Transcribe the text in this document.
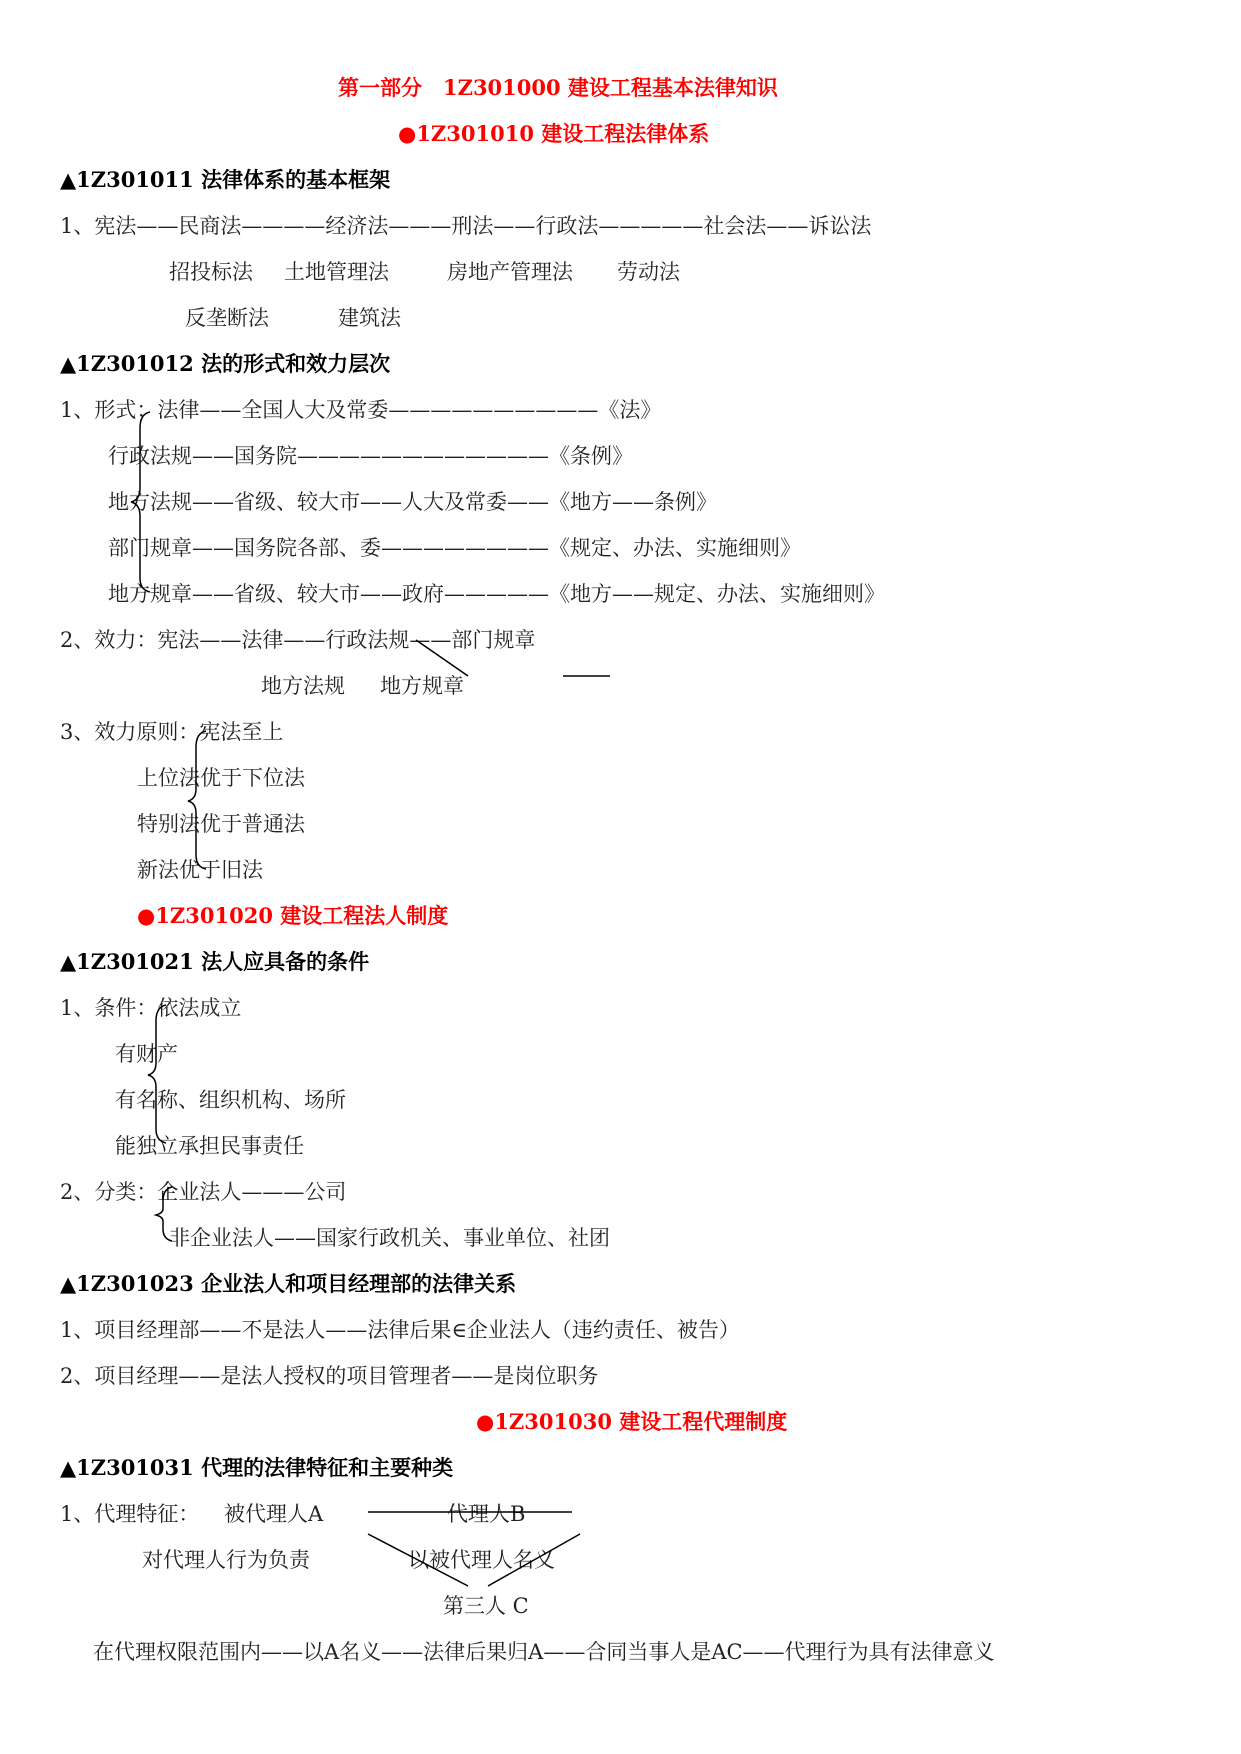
第一部分　1Z301000 建设工程基本法律知识
●1Z301010 建设工程法律体系
▲1Z301011 法律体系的基本框架
1、宪法——民商法————经济法———刑法——行政法—————社会法——诉讼法
招投标法 土地管理法	房地产管理法 劳动法
反垄断法	建筑法
▲1Z301012 法的形式和效力层次
1、形式：法律——全国人大及常委——————————《法》
行政法规——国务院————————————《条例》
地方法规——省级、较大市——人大及常委——《地方——条例》
部门规章——国务院各部、委————————《规定、办法、实施细则》
地方规章——省级、较大市——政府—————《地方——规定、办法、实施细则》
2、效力：宪法——法律——行政法规——部门规章
地方法规 地方规章
3、效力原则：宪法至上
上位法优于下位法
特别法优于普通法
新法优于旧法
●1Z301020 建设工程法人制度
▲1Z301021 法人应具备的条件
1、条件：依法成立
有财产
有名称、组织机构、场所
能独立承担民事责任
2、分类：企业法人———公司
非企业法人——国家行政机关、事业单位、社团
▲1Z301023 企业法人和项目经理部的法律关系
1、项目经理部——不是法人——法律后果∈企业法人（违约责任、被告）
2、项目经理——是法人授权的项目管理者——是岗位职务
●1Z301030 建设工程代理制度
▲1Z301031 代理的法律特征和主要种类
1、代理特征： 被代理人A	代理人B
对代理人行为负责	以被代理人名义
第三人 C
在代理权限范围内——以A名义——法律后果归A——合同当事人是AC——代理行为具有法律意义
